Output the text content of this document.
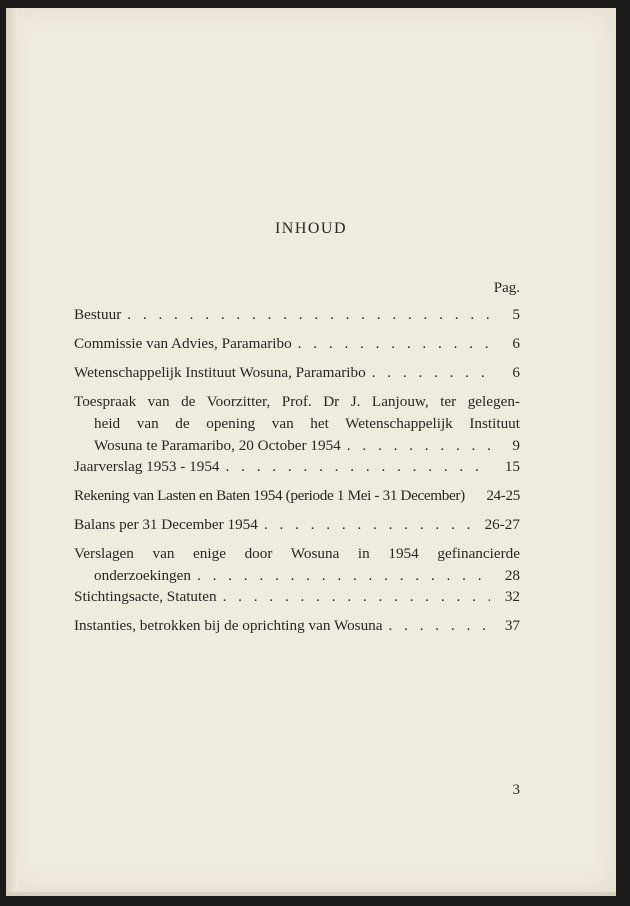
INHOUD
Pag.
Bestuur . . .	5
Commissie van Advies, Paramaribo . . .	6
Wetenschappelijk Instituut Wosuna, Paramaribo . . .	6
Toespraak van de Voorzitter, Prof. Dr J. Lanjouw, ter gelegen-
heid van de opening van het Wetenschappelijk Instituut
Wosuna te Paramaribo, 20 October 1954 . . .	9
Jaarverslag 1953 - 1954 . . .	15
Rekening van Lasten en Baten 1954 (periode 1 Mei - 31 December) 24-25
Balans per 31 December 1954 . . .	26-27
Verslagen van enige door Wosuna in 1954 gefinancierde
onderzoekingen . . .	28
Stichtingsacte, Statuten . . .	32
Instanties, betrokken bij de oprichting van Wosuna . . .	37
3
